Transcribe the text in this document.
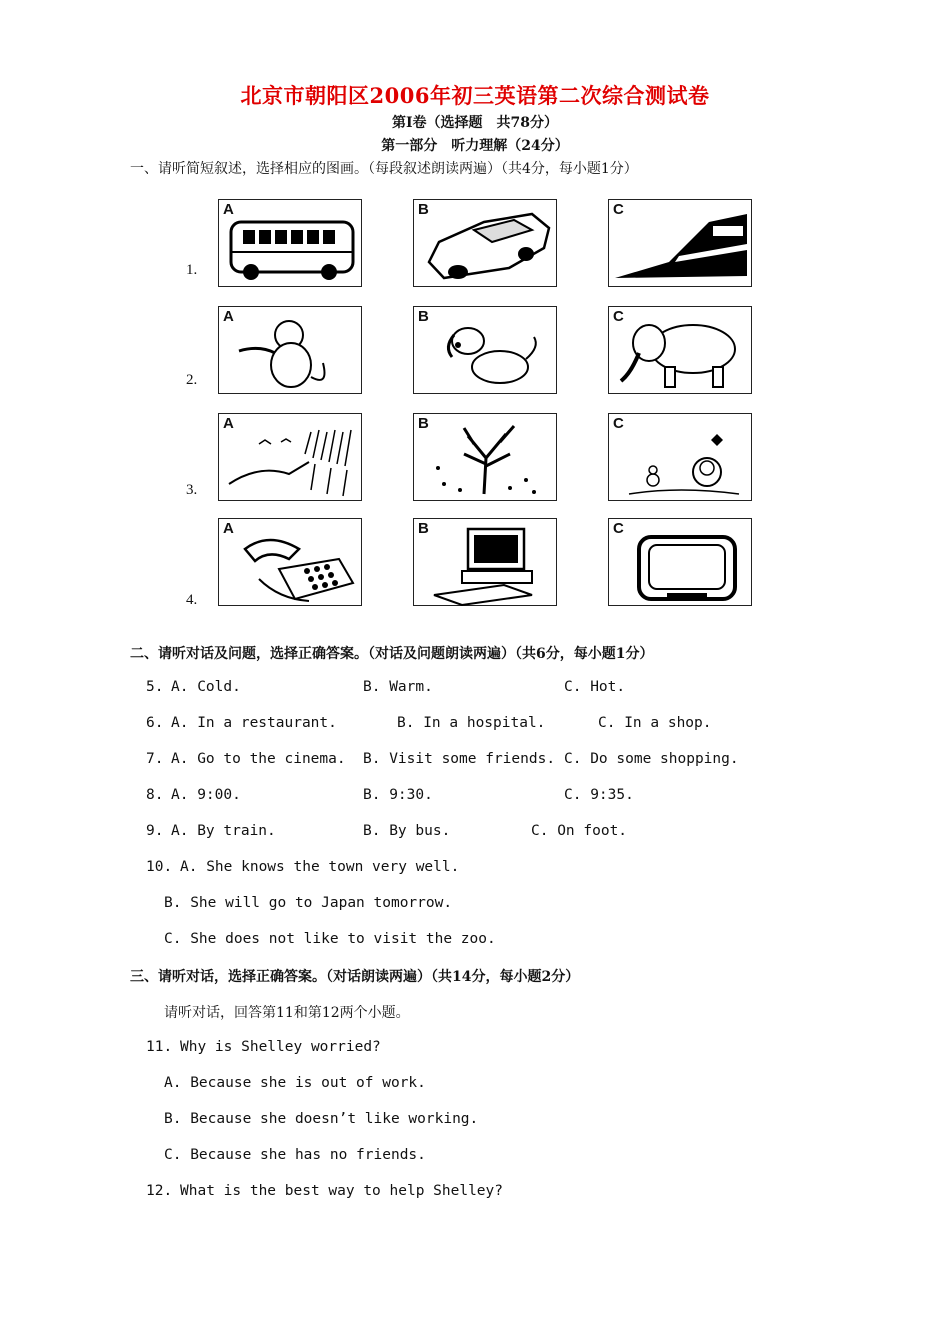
北京市朝阳区2006年初三英语第二次综合测试卷
第Ⅰ卷（选择题　共78分）
第一部分　听力理解（24分）
一、请听简短叙述，选择相应的图画。（每段叙述朗读两遍）（共4分，每小题1分）
1.
A	B	C
2.
A	B	C
3.
A	B	C
4.
A	B	C
二、请听对话及问题，选择正确答案。（对话及问题朗读两遍）（共6分，每小题1分）
5. A. Cold.	B. Warm.	C. Hot.
6. A. In a restaurant.	B. In a hospital.	C. In a shop.
7. A. Go to the cinema. B. Visit some friends. C. Do some shopping.
8. A. 9:00.	B. 9:30.	C. 9:35.
9. A. By train.	B. By bus.	C. On foot.
10. A. She knows the town very well.
B. She will go to Japan tomorrow.
C. She does not like to visit the zoo.
三、请听对话，选择正确答案。（对话朗读两遍）（共14分，每小题2分）
请听对话，回答第11和第12两个小题。
11. Why is Shelley worried?
A. Because she is out of work.
B. Because she doesn’t like working.
C. Because she has no friends.
12. What is the best way to help Shelley?
